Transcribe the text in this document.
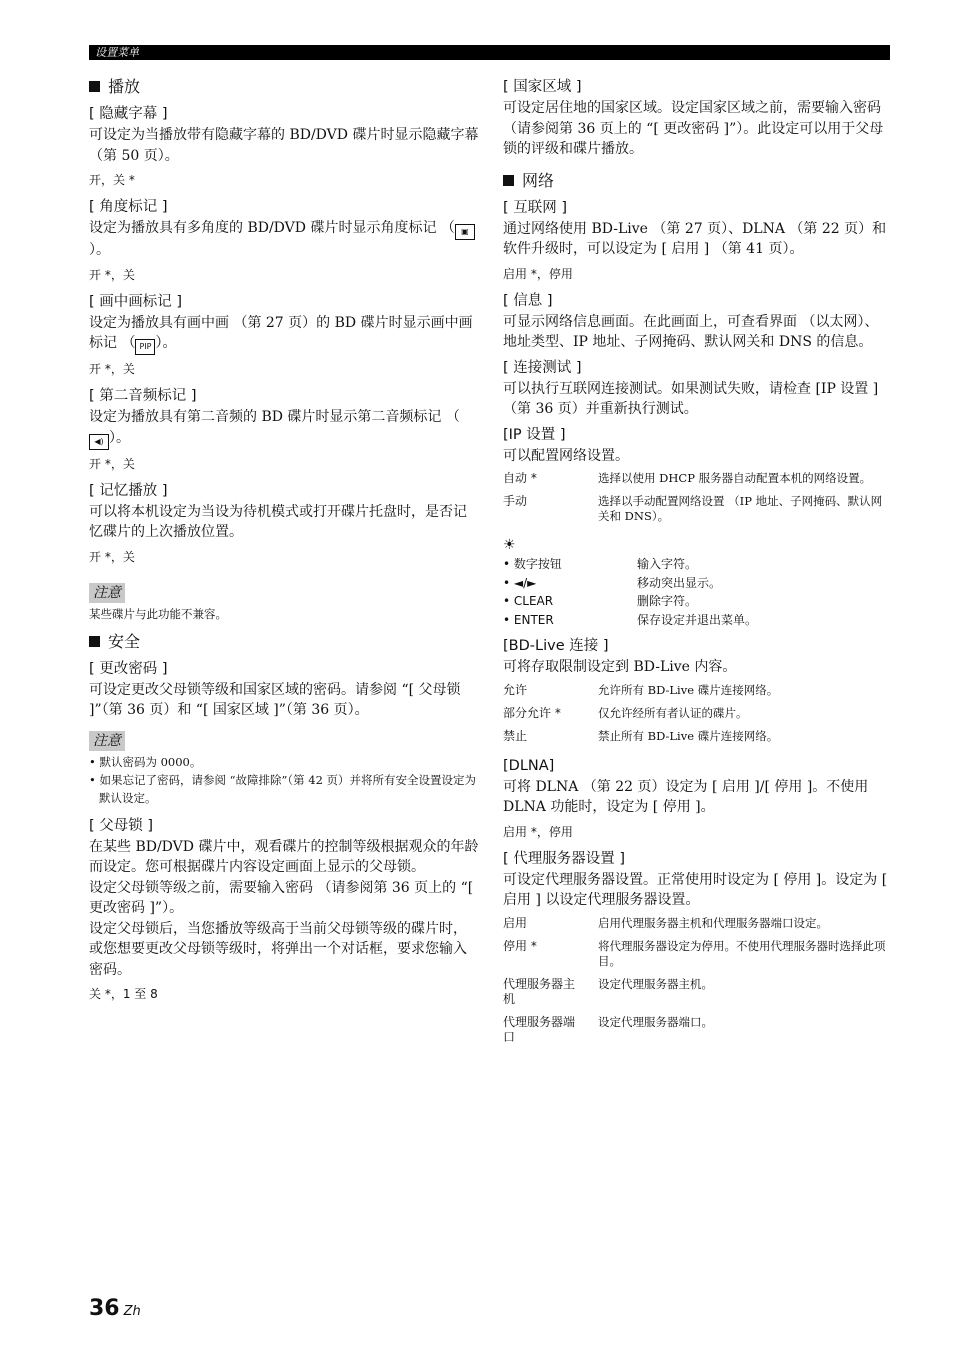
设置菜单
播放

[ 隐藏字幕 ]

可设定为当播放带有隐藏字幕的 BD/DVD 碟片时显示隐藏字幕 （第 50 页）。

开，关 *

[ 角度标记 ]

设定为播放具有多角度的 BD/DVD 碟片时显示角度标记 （ ▣）。

开 *，关

[ 画中画标记 ]

设定为播放具有画中画 （第 27 页）的 BD 碟片时显示画中画标记 （ PIP ）。

开 *，关

[ 第二音频标记 ]

设定为播放具有第二音频的 BD 碟片时显示第二音频标记 （◀) ）。

开 *，关

[ 记忆播放 ]

可以将本机设定为当设为待机模式或打开碟片托盘时，是否记忆碟片的上次播放位置。

开 *，关

注意

某些碟片与此功能不兼容。

安全

[ 更改密码 ]

可设定更改父母锁等级和国家区域的密码。请参阅 “[ 父母锁 ]”（第 36 页）和 “[ 国家区域 ]”（第 36 页）。

注意
• 默认密码为 0000。
• 如果忘记了密码，请参阅 “故障排除”（第 42 页）并将所有安全设置设定为默认设定。

[ 父母锁 ]

在某些 BD/DVD 碟片中，观看碟片的控制等级根据观众的年龄而设定。您可根据碟片内容设定画面上显示的父母锁。

设定父母锁等级之前，需要输入密码 （请参阅第 36 页上的 “[ 更改密码 ]”）。

设定父母锁后，当您播放等级高于当前父母锁等级的碟片时，或您想要更改父母锁等级时，将弹出一个对话框，要求您输入密码。

关 *，1 至 8

[ 国家区域 ]

可设定居住地的国家区域。设定国家区域之前，需要输入密码 （请参阅第 36 页上的 “[ 更改密码 ]”）。此设定可以用于父母锁的评级和碟片播放。

网络

[ 互联网 ]

通过网络使用 BD-Live （第 27 页）、DLNA （第 22 页）和软件升级时，可以设定为 [ 启用 ] （第 41 页）。

启用 *，停用

[ 信息 ]

可显示网络信息画面。在此画面上，可查看界面 （以太网）、地址类型、IP 地址、子网掩码、默认网关和 DNS 的信息。

[ 连接测试 ]

可以执行互联网连接测试。如果测试失败，请检查 [IP 设置 ] （第 36 页）并重新执行测试。

[IP 设置 ]

可以配置网络设置。

自动 *	选择以使用 DHCP 服务器自动配置本机的网络设置。
手动	选择以手动配置网络设置 （IP 地址、子网掩码、默认网关和 DNS）。
☀
• 数字按钮	输入字符。
• ◄/►	移动突出显示。
• CLEAR	删除字符。
• ENTER	保存设定并退出菜单。

[BD-Live 连接 ]

可将存取限制设定到 BD-Live 内容。

允许	允许所有 BD-Live 碟片连接网络。
部分允许 *	仅允许经所有者认证的碟片。
禁止	禁止所有 BD-Live 碟片连接网络。

[DLNA]

可将 DLNA （第 22 页）设定为 [ 启用 ]/[ 停用 ]。不使用 DLNA 功能时，设定为 [ 停用 ]。

启用 *，停用

[ 代理服务器设置 ]

可设定代理服务器设置。正常使用时设定为 [ 停用 ]。设定为 [ 启用 ] 以设定代理服务器设置。

启用	启用代理服务器主机和代理服务器端口设定。
停用 *	将代理服务器设定为停用。不使用代理服务器时选择此项目。
代理服务器主机	设定代理服务器主机。
代理服务器端口	设定代理服务器端口。
36 Zh
